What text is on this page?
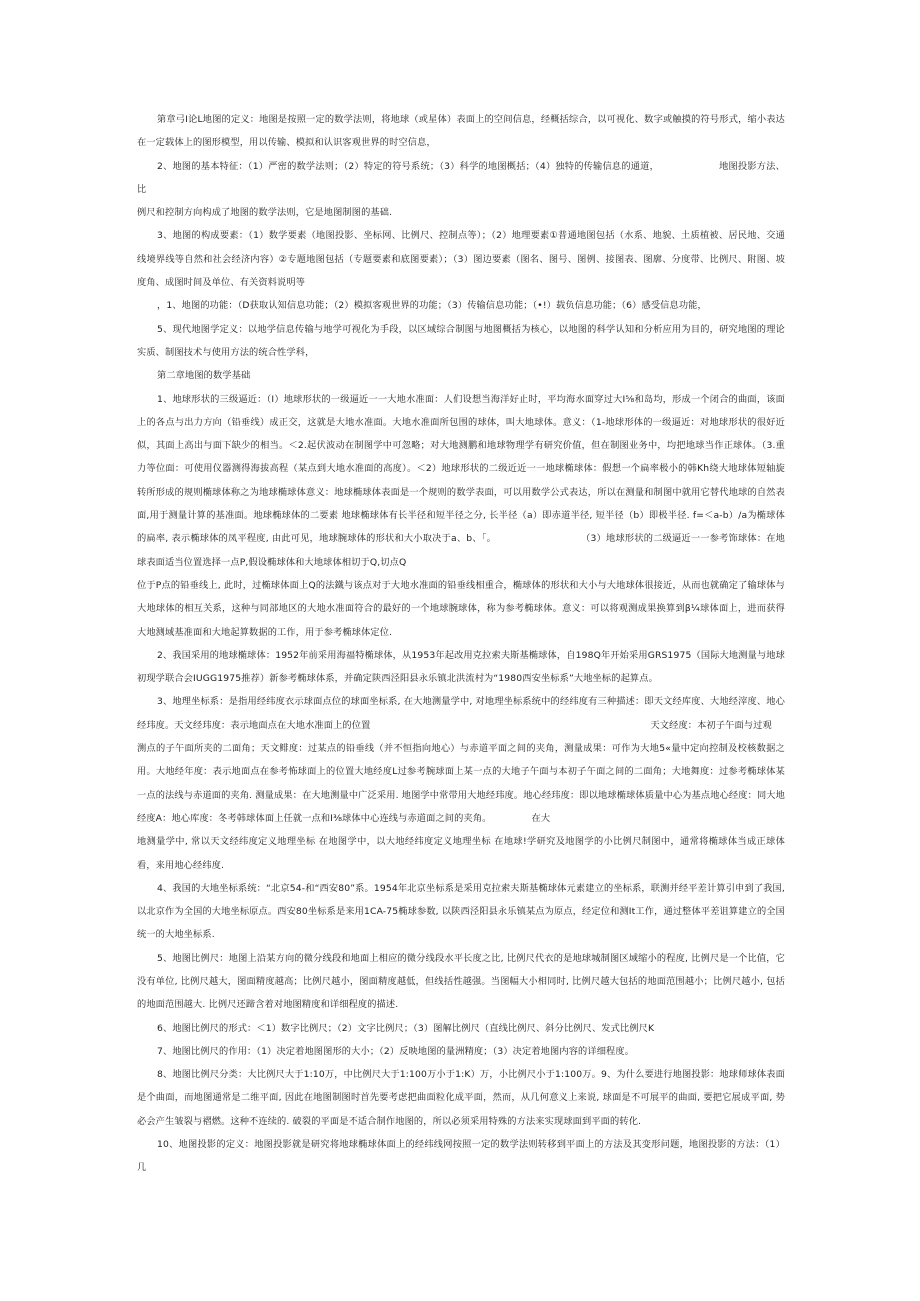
第章弓I论L地图的定义：地图是按照一定的数学法则，将地球（或星体）表面上的空间信息，经概括综合，以可视化、数字或触摸的符号形式，缩小表达在一定载体上的图形模型，用以传输、模拟和认识客观世界的时空信息，

2、地图的基本特征：（1）严密的数学法则；（2）特定的符号系统；（3）科学的地图概括；（4）独特的传输信息的通道，	地图投影方法、比

例尺和控制方向构成了地图的数学法则，它是地图制图的基础.

3、地图的构成要素：（1）数学要素（地图投影、坐标网、比例尺、控制点等）；（2）地理要素①普通地图包括（水系、地貌、土质植被、居民地、交通线境界线等自然和社会经济内容）②专题地图包括（专题要素和底图要素）；（3）图边要素（图名、图号、图例、接图表、图廓、分度带、比例尺、附图、坡度角、成图时间及单位、有关资料说明等

，1、地图的功能：（D获取认知信息功能；（2）模拟客观世界的功能；（3）传输信息功能；（•!）载负信息功能；（6）感受信息功能，

5、现代地图学定义：以地学信息传输与地学可视化为手段，以区域综合制图与地图概括为核心，以地图的科学认知和分析应用为目的，研究地图的理论实质、制图技术与使用方法的统合性学科，

第二章地图的数学基础

1、地球形状的三级逼近：（I）地球形状的一级逼近一一大地水准面：人们设想当海洋好止时，平均海水面穿过大I⅝和岛均，形成一个闭合的曲面，该面上的各点与出力方向（铅垂线）成正交，这就是大地水准面。大地水准面所包围的球体，叫大地球体。意义：（1-地球形体的一级逼近：对地球形状的很好近似，其面上高出与面下缺少的相当。＜2.起伏波动在制图学中可忽略；对大地测鹏和地球物理学有研究价值，但在制图业务中，均把地球当作正球体。（3.重力等位面：可使用仪器测得海拔高程（某点到大地水准面的高度）。＜2）地球形状的二级近近一一地球椭球体：假想一个扁率极小的韩Kh绕大地球体短轴旋转所形成的规则椭球体称之为地球椭球体意义：地球椭球体表面是一个规则的数学表面，可以用数学公式表达，所以在测量和制图中就用它替代地球的自然表面,用于测量计算的基准面。地球椭球体的二要素 地球椭球体有长半径和短半径之分, 长半径（a）即赤道半径, 短半径（b）即极半径. f=＜a-b）/a为椭球体的扁率, 表示椭球体的凤平程度, 由此可见，地球腕球体的形状和大小取决于a、b、「。	（3）地球形状的二级逼近一一参考饰球体：在地球表面适当位置选择一点P,假设椭球体和大地球体相切于Q,切点Q

位于P点的铅垂线上, 此时，过椭球体面上Q的法鐵与该点对于大地水准面的铅垂线相重合，椭球体的形状和大小与大地球体很接近，从而也就确定了输球体与大地球体的相互关系，这种与同部地区的大地水准面符合的最好的一个地球腕球体，称为参考椭球体。意义：可以将观测成果换算到β¼球体面上，进而获得大地测域基准面和大地起算数据的工作，用于参考椭球体定位.

2、我国采用的地球椭球体：1952年前采用海福特椭球体，从1953年起改用克拉索夫斯基椭球体，自198Q年开始采用GRS1975（国际大地测量与地球初现学联合会IUGG1975推荐）新参考椭球体系，并确定陕西泾阳县永乐镇北洪流村为“1980西安坐标系”大地坐标的起算点。

3、地理坐标系：是指用经纬度衣示球面点位的球面坐标系, 在大地测量学中, 对地理坐标系统中的经纬度有三种描述：即天文经库度、大地经滓度、地心经玮度。天文经玮度：表示地面点在大地水准面上的位置	天文经度：本初子午面与过观

测点的子午面所夹的二面角；天文鲱度：过某点的铅垂线（并不恒指向地心）与赤道平面之间的夹角，测量成果：可作为大地5«量中定向控制及校核数据之用。大地经年度：表示地面点在参考怖球面上的位置大地经度L过参考腕球面上某一点的大地子午面与本初子午面之间的二面角；大地舞度：过参考椭球体某一点的法线与赤道面的夹角. 测量成果：在大地测量中广泛采用. 地图学中常带用大地经玮度。地心经玮度：即以地球椭球体质量中心为基点地心经度：同大地经度A：地心库度：冬考韩球体面上任就一点和I⅜球体中心连线与赤道面之间的夹角。	在大

地测量学中, 常以天文经纬度定义地理坐标 在地图学中，以大地经纬度定义地理坐标 在地球!学研究及地图学的小比例尺制图中，通常将椭球体当成正球体看，来用地心经纬度.

4、我国的大地坐标系统：“北京54-和“西安80”系。1954年北京坐标系是采用克拉索夫斯基椭球体元素建立的坐标系，联测并经平差计算引申到了我国, 以北京作为全国的大地坐标原点。西安80坐标系是来用1CA-75椭球参数, 以陕西泾阳县永乐镇某点为原点，经定位和测It工作，通过整体平差诅算建立的全国统一的大地坐标系.

5、地图比例尺：地图上沿某方向的微分线段和地面上相应的微分线段水平长度之比, 比例尺代衣的是地球城制图区域缩小的程度, 比例尺是一个比值，它没有单位, 比例尺越大，图面精度越高；比例尺越小，图面精度越低，但线括性越强。当图幅大小相同时, 比例尺越大包括的地面范围越小；比例尺越小, 包括的地面范围越大. 比例尺还蹄含着对地图精度和详细程度的描述.

6、地图比例尺的形式：＜1）数字比例尺；（2）文字比例尺；（3）图解比例尺（直线比例尺、斜分比例尺、发式比例尺K

7、地图比例尺的作用：（1）决定着地图图形的大小；（2）反映地图的量洲精度；（3）决定着地图内容的详细程度。

8、地图比例尺分类：大比例尺大于1:10万，中比例尺大于1:100万小于1:K）万，小比例尺小于1:100万。9、为什么要进行地图投影：地球师球体表面是个曲面，而地图通常是二维平面, 因此在地图制图时首先要考虑把曲面粒化成平面，然而，从几何意义上来说, 球面是不可展平的曲面, 要把它展成平面, 势必会产生皱裂与褶燃。这种不连续的. 破裂的平面是不适合制作地图的，所以必须采用特殊的方法来实现球面到平面的转化.

10、地图投影的定义：地图投影就是研究将地球椭球体面上的经纬线网按照一定的数学法则转移到平面上的方法及其变形问题，地图投影的方法：（1）几
